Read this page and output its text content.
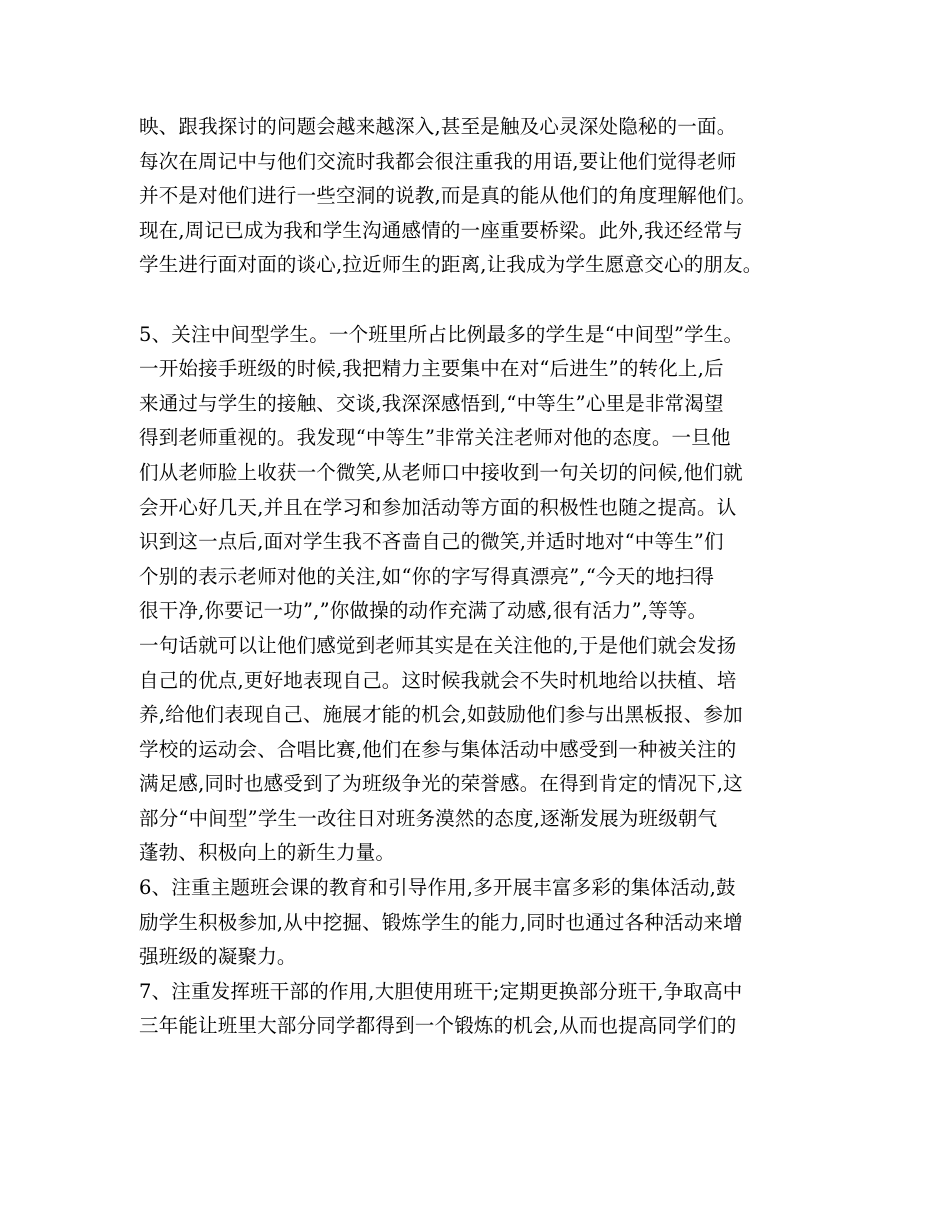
映、跟我探讨的问题会越来越深入,甚至是触及心灵深处隐秘的一面。
每次在周记中与他们交流时我都会很注重我的用语,要让他们觉得老师
并不是对他们进行一些空洞的说教,而是真的能从他们的角度理解他们。
现在,周记已成为我和学生沟通感情的一座重要桥梁。此外,我还经常与
学生进行面对面的谈心,拉近师生的距离,让我成为学生愿意交心的朋友。
5、关注中间型学生。一个班里所占比例最多的学生是“中间型”学生。
一开始接手班级的时候,我把精力主要集中在对“后进生”的转化上,后
来通过与学生的接触、交谈,我深深感悟到,“中等生”心里是非常渴望
得到老师重视的。我发现“中等生”非常关注老师对他的态度。一旦他
们从老师脸上收获一个微笑,从老师口中接收到一句关切的问候,他们就
会开心好几天,并且在学习和参加活动等方面的积极性也随之提高。认
识到这一点后,面对学生我不吝啬自己的微笑,并适时地对“中等生”们
个别的表示老师对他的关注,如“你的字写得真漂亮”,“今天的地扫得
很干净,你要记一功”,”你做操的动作充满了动感,很有活力”,等等。
一句话就可以让他们感觉到老师其实是在关注他的,于是他们就会发扬
自己的优点,更好地表现自己。这时候我就会不失时机地给以扶植、培
养,给他们表现自己、施展才能的机会,如鼓励他们参与出黑板报、参加
学校的运动会、合唱比赛,他们在参与集体活动中感受到一种被关注的
满足感,同时也感受到了为班级争光的荣誉感。在得到肯定的情况下,这
部分“中间型”学生一改往日对班务漠然的态度,逐渐发展为班级朝气
蓬勃、积极向上的新生力量。
6、注重主题班会课的教育和引导作用,多开展丰富多彩的集体活动,鼓
励学生积极参加,从中挖掘、锻炼学生的能力,同时也通过各种活动来增
强班级的凝聚力。
7、注重发挥班干部的作用,大胆使用班干;定期更换部分班干,争取高中
三年能让班里大部分同学都得到一个锻炼的机会,从而也提高同学们的
